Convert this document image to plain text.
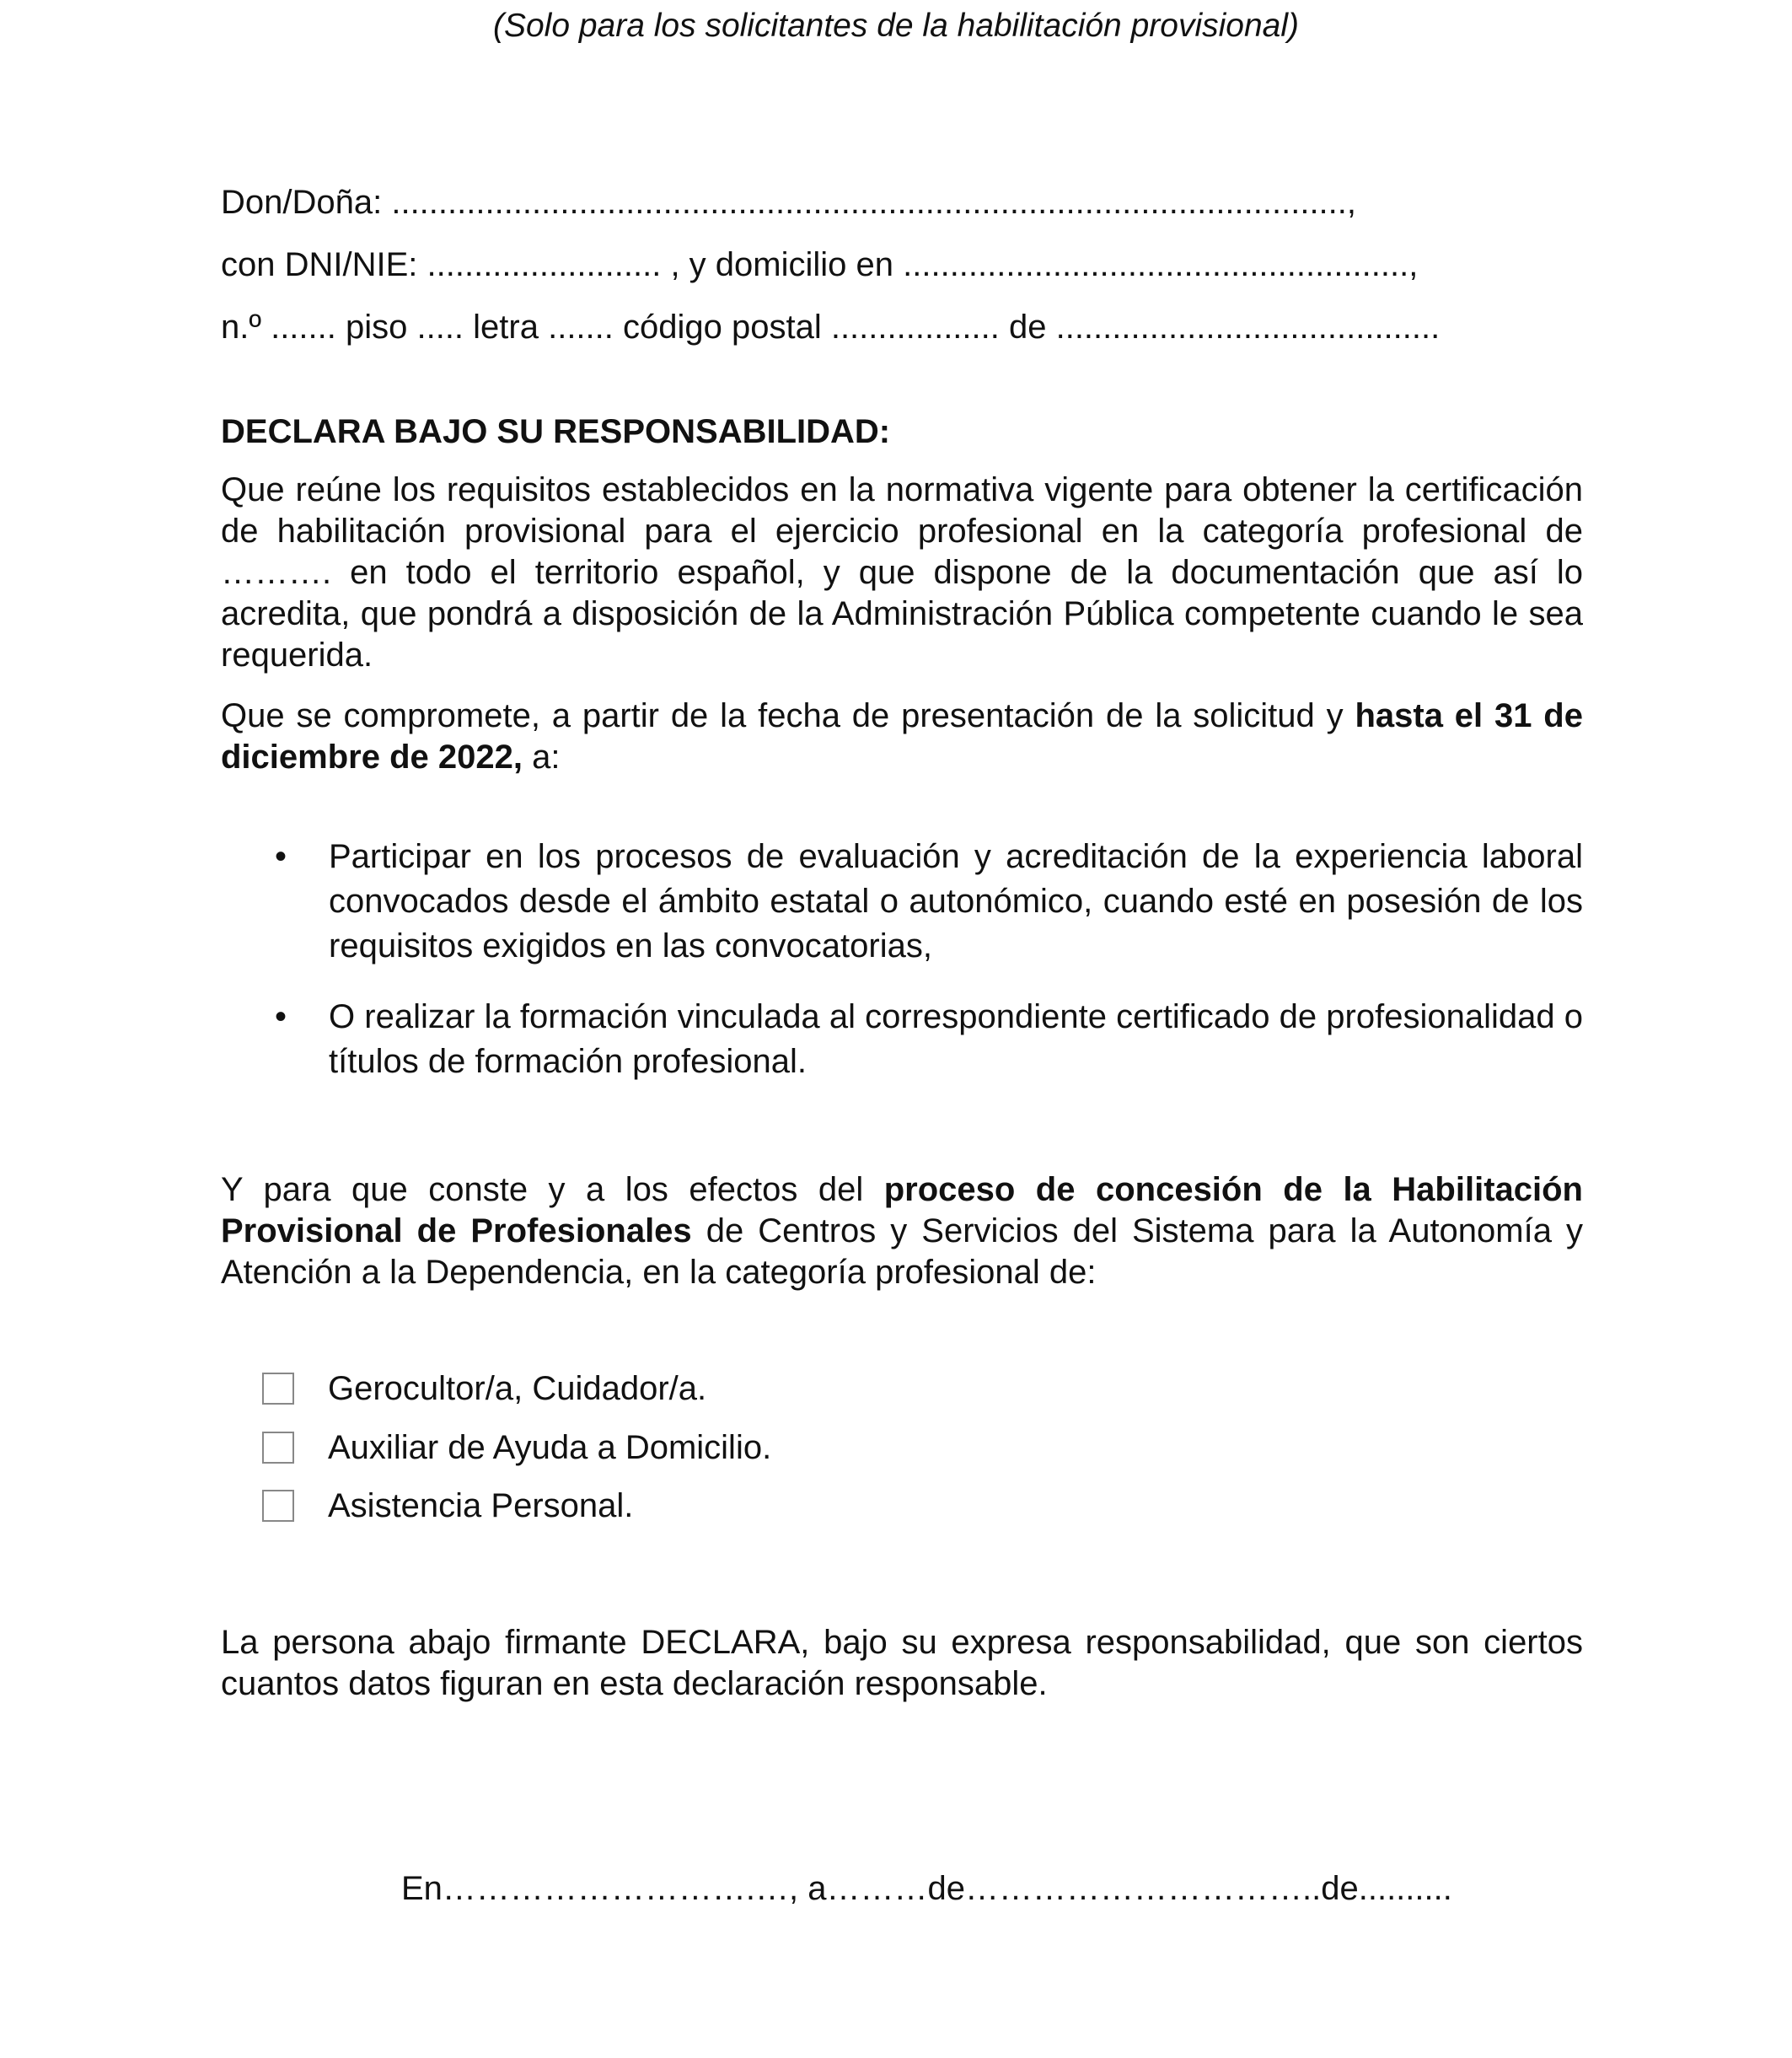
(Solo para los solicitantes de la habilitación provisional)
Don/Doña: ......................................................................................................,
con DNI/NIE: ......................... , y domicilio en ......................................................,
n.º ....... piso ..... letra ....... código postal .................. de .........................................
DECLARA BAJO SU RESPONSABILIDAD:
Que reúne los requisitos establecidos en la normativa vigente para obtener la certificación de habilitación provisional para el ejercicio profesional en la categoría profesional de ………. en todo el territorio español, y que dispone de la documentación que así lo acredita, que pondrá a disposición de la Administración Pública competente cuando le sea requerida.
Que se compromete, a partir de la fecha de presentación de la solicitud y hasta el 31 de diciembre de 2022, a:
• Participar en los procesos de evaluación y acreditación de la experiencia laboral convocados desde el ámbito estatal o autonómico, cuando esté en posesión de los requisitos exigidos en las convocatorias,
• O realizar la formación vinculada al correspondiente certificado de profesionalidad o títulos de formación profesional.
Y para que conste y a los efectos del proceso de concesión de la Habilitación Provisional de Profesionales de Centros y Servicios del Sistema para la Autonomía y Atención a la Dependencia, en la categoría profesional de:
Gerocultor/a, Cuidador/a.
Auxiliar de Ayuda a Domicilio.
Asistencia Personal.
La persona abajo firmante DECLARA, bajo su expresa responsabilidad, que son ciertos cuantos datos figuran en esta declaración responsable.
En……………………….…, a………de…………………………..de..........
